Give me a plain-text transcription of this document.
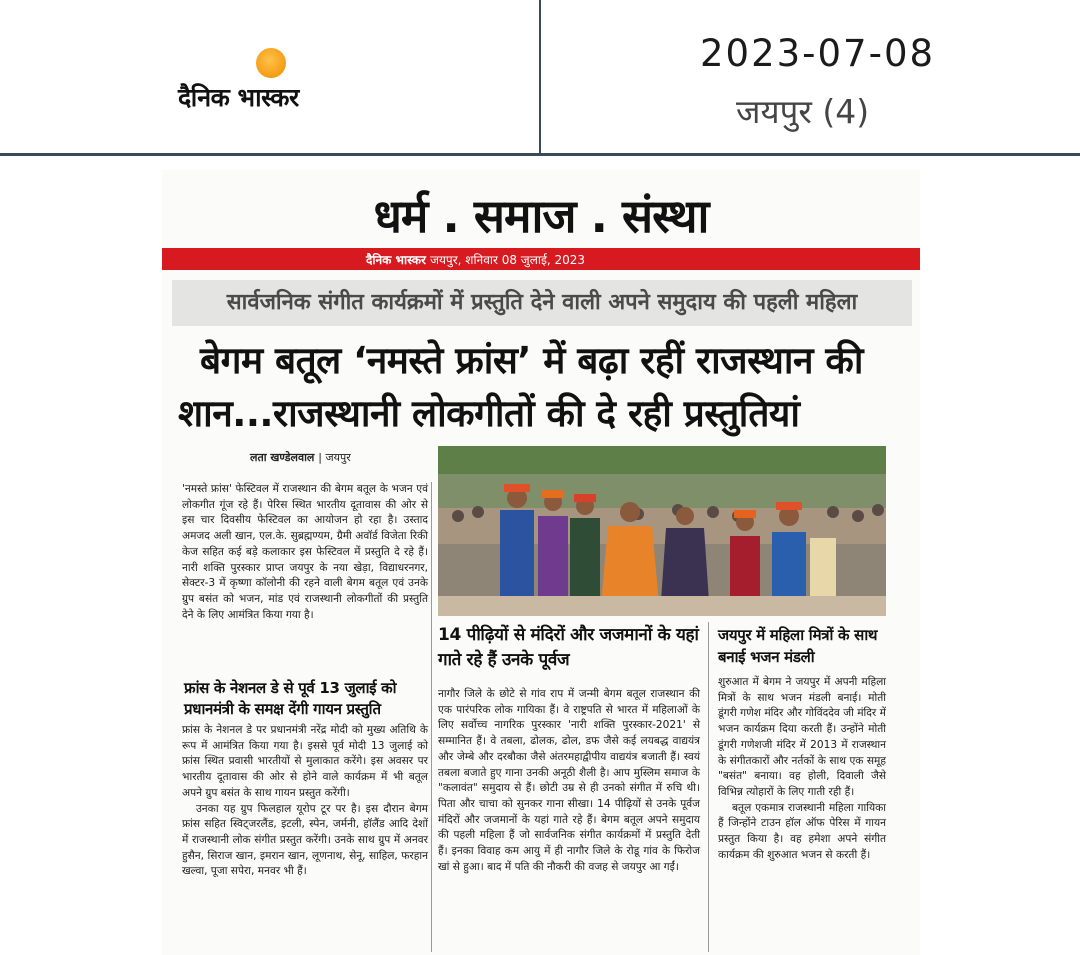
दैनिक भास्कर
2023-07-08
जयपुर (4)
धर्म . समाज . संस्था
दैनिक भास्कर जयपुर, शनिवार 08 जुलाई, 2023
सार्वजनिक संगीत कार्यक्रमों में प्रस्तुति देने वाली अपने समुदाय की पहली महिला
बेगम बतूल ‘नमस्ते फ्रांस’ में बढ़ा रहीं राजस्थान की
शान...राजस्थानी लोकगीतों की दे रही प्रस्तुतियां
लता खण्डेलवाल | जयपुर

'नमस्ते फ्रांस' फेस्टिवल में राजस्थान की बेगम बतूल के भजन एवं लोकगीत गूंज रहे हैं। पेरिस स्थित भारतीय दूतावास की ओर से इस चार दिवसीय फेस्टिवल का आयोजन हो रहा है। उस्ताद अमजद अली खान, एल.के. सुब्रह्मण्यम, ग्रैमी अवॉर्ड विजेता रिकी केज सहित कई बड़े कलाकार इस फेस्टिवल में प्रस्तुति दे रहे हैं। नारी शक्ति पुरस्कार प्राप्त जयपुर के नया खेड़ा, विद्याधरनगर, सेक्टर-3 में कृष्णा कॉलोनी की रहने वाली बेगम बतूल एवं उनके ग्रुप बसंत को भजन, मांड एवं राजस्थानी लोकगीतों की प्रस्तुति देने के लिए आमंत्रित किया गया है।

फ्रांस के नेशनल डे से पूर्व 13 जुलाई को प्रधानमंत्री के समक्ष देंगी गायन प्रस्तुति

फ्रांस के नेशनल डे पर प्रधानमंत्री नरेंद्र मोदी को मुख्य अतिथि के रूप में आमंत्रित किया गया है। इससे पूर्व मोदी 13 जुलाई को फ्रांस स्थित प्रवासी भारतीयों से मुलाकात करेंगे। इस अवसर पर भारतीय दूतावास की ओर से होने वाले कार्यक्रम में भी बतूल अपने ग्रुप बसंत के साथ गायन प्रस्तुत करेंगी।

उनका यह ग्रुप फिलहाल यूरोप टूर पर है। इस दौरान बेगम फ्रांस सहित स्विट्जरलैंड, इटली, स्पेन, जर्मनी, हॉलैंड आदि देशों में राजस्थानी लोक संगीत प्रस्तुत करेंगी। उनके साथ ग्रुप में अनवर हुसैन, सिराज खान, इमरान खान, लूणनाथ, सेनू, साहिल, फरहान खल्वा, पूजा सपेरा, मनवर भी हैं।

14 पीढ़ियों से मंदिरों और जजमानों के यहां गाते रहे हैं उनके पूर्वज

नागौर जिले के छोटे से गांव राप में जन्मी बेगम बतूल राजस्थान की एक पारंपरिक लोक गायिका हैं। वे राष्ट्रपति से भारत में महिलाओं के लिए सर्वोच्च नागरिक पुरस्कार 'नारी शक्ति पुरस्कार-2021' से सम्मानित हैं। वे तबला, ढोलक, ढोल, डफ जैसे कई लयबद्ध वाद्ययंत्र और जेम्बे और दरबौका जैसे अंतरमहाद्वीपीय वाद्ययंत्र बजाती हैं। स्वयं तबला बजाते हुए गाना उनकी अनूठी शैली है। आप मुस्लिम समाज के "कलावंत" समुदाय से हैं। छोटी उम्र से ही उनको संगीत में रुचि थी। पिता और चाचा को सुनकर गाना सीखा। 14 पीढ़ियों से उनके पूर्वज मंदिरों और जजमानों के यहां गाते रहे हैं। बेगम बतूल अपने समुदाय की पहली महिला हैं जो सार्वजनिक संगीत कार्यक्रमों में प्रस्तुति देती हैं। इनका विवाह कम आयु में ही नागौर जिले के रोडू गांव के फिरोज खां से हुआ। बाद में पति की नौकरी की वजह से जयपुर आ गईं।

जयपुर में महिला मित्रों के साथ बनाई भजन मंडली

शुरुआत में बेगम ने जयपुर में अपनी महिला मित्रों के साथ भजन मंडली बनाई। मोती डूंगरी गणेश मंदिर और गोविंददेव जी मंदिर में भजन कार्यक्रम दिया करती हैं। उन्होंने मोती डूंगरी गणेशजी मंदिर में 2013 में राजस्थान के संगीतकारों और नर्तकों के साथ एक समूह "बसंत" बनाया। वह होली, दिवाली जैसे विभिन्न त्योहारों के लिए गाती रही हैं।

बतूल एकमात्र राजस्थानी महिला गायिका हैं जिन्होंने टाउन हॉल ऑफ पेरिस में गायन प्रस्तुत किया है। वह हमेशा अपने संगीत कार्यक्रम की शुरुआत भजन से करती हैं।
